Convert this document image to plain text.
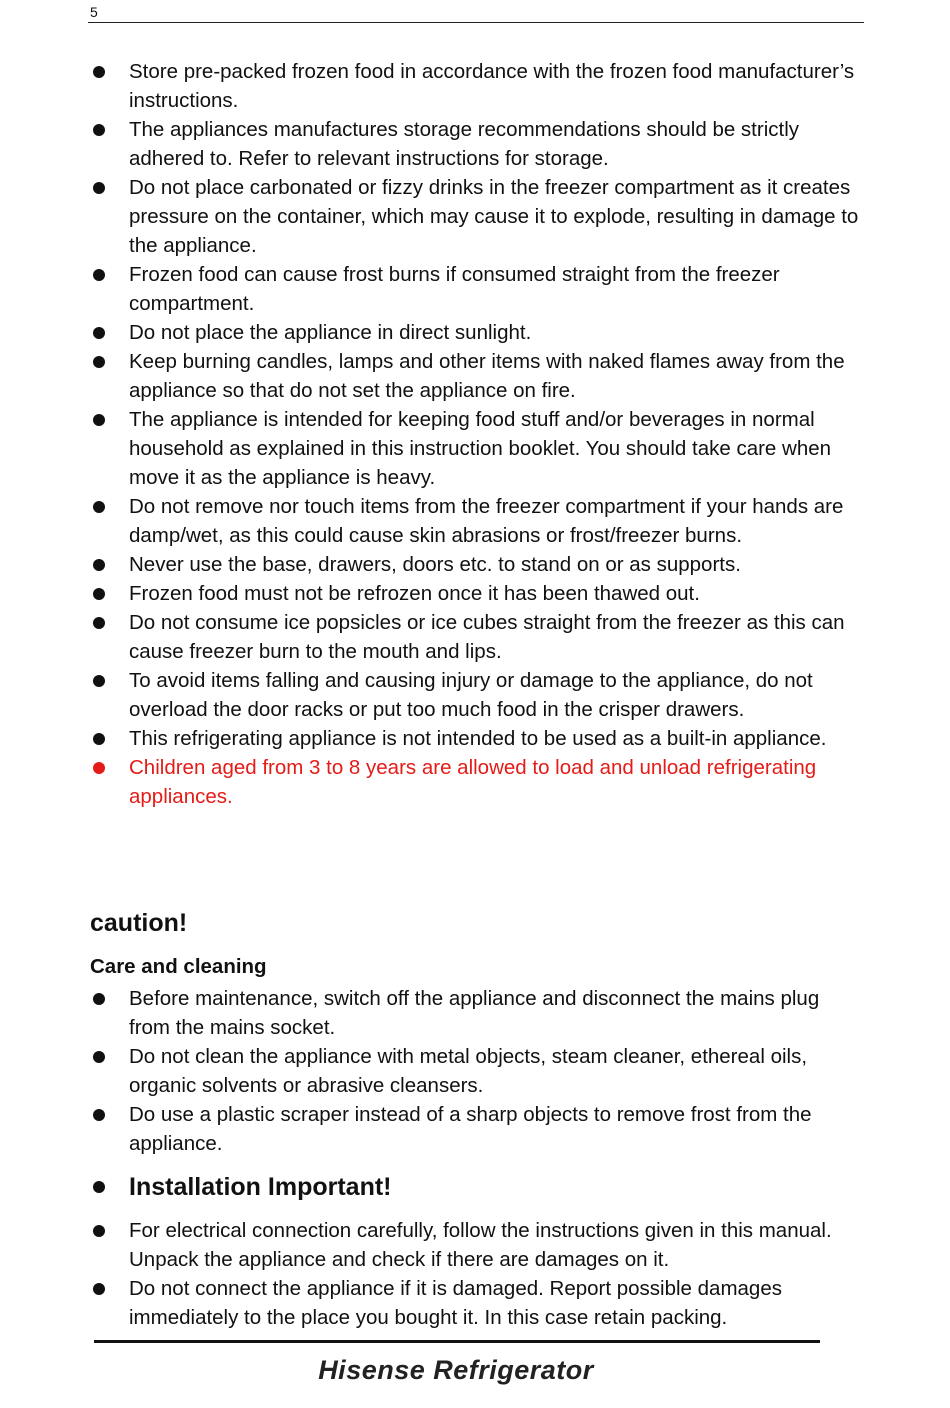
5
Store pre-packed frozen food in accordance with the frozen food manufacturer’s instructions.
The appliances manufactures storage recommendations should be strictly adhered to. Refer to relevant instructions for storage.
Do not place carbonated or fizzy drinks in the freezer compartment as it creates pressure on the container, which may cause it to explode, resulting in damage to the appliance.
Frozen food can cause frost burns if consumed straight from the freezer compartment.
Do not place the appliance in direct sunlight.
Keep burning candles, lamps and other items with naked flames away from the appliance so that do not set the appliance on fire.
The appliance is intended for keeping food stuff and/or beverages in normal household as explained in this instruction booklet. You should take care when move it as the appliance is heavy.
Do not remove nor touch items from the freezer compartment if your hands are damp/wet, as this could cause skin abrasions or frost/freezer burns.
Never use the base, drawers, doors etc. to stand on or as supports.
Frozen food must not be refrozen once it has been thawed out.
Do not consume ice popsicles or ice cubes straight from the freezer as this can cause freezer burn to the mouth and lips.
To avoid items falling and causing injury or damage to the appliance, do not overload the door racks or put too much food in the crisper drawers.
This refrigerating appliance is not intended to be used as a built-in appliance.
Children aged from 3 to 8 years are allowed to load and unload refrigerating appliances.
caution!
Care and cleaning
Before maintenance, switch off the appliance and disconnect the mains plug from the mains socket.
Do not clean the appliance with metal objects, steam cleaner, ethereal oils, organic solvents or abrasive cleansers.
Do use a plastic scraper instead of a sharp objects to remove frost from the appliance.
Installation Important!
For electrical connection carefully, follow the instructions given in this manual. Unpack the appliance and check if there are damages on it.
Do not connect the appliance if it is damaged. Report possible damages immediately to the place you bought it. In this case retain packing.
Hisense Refrigerator
